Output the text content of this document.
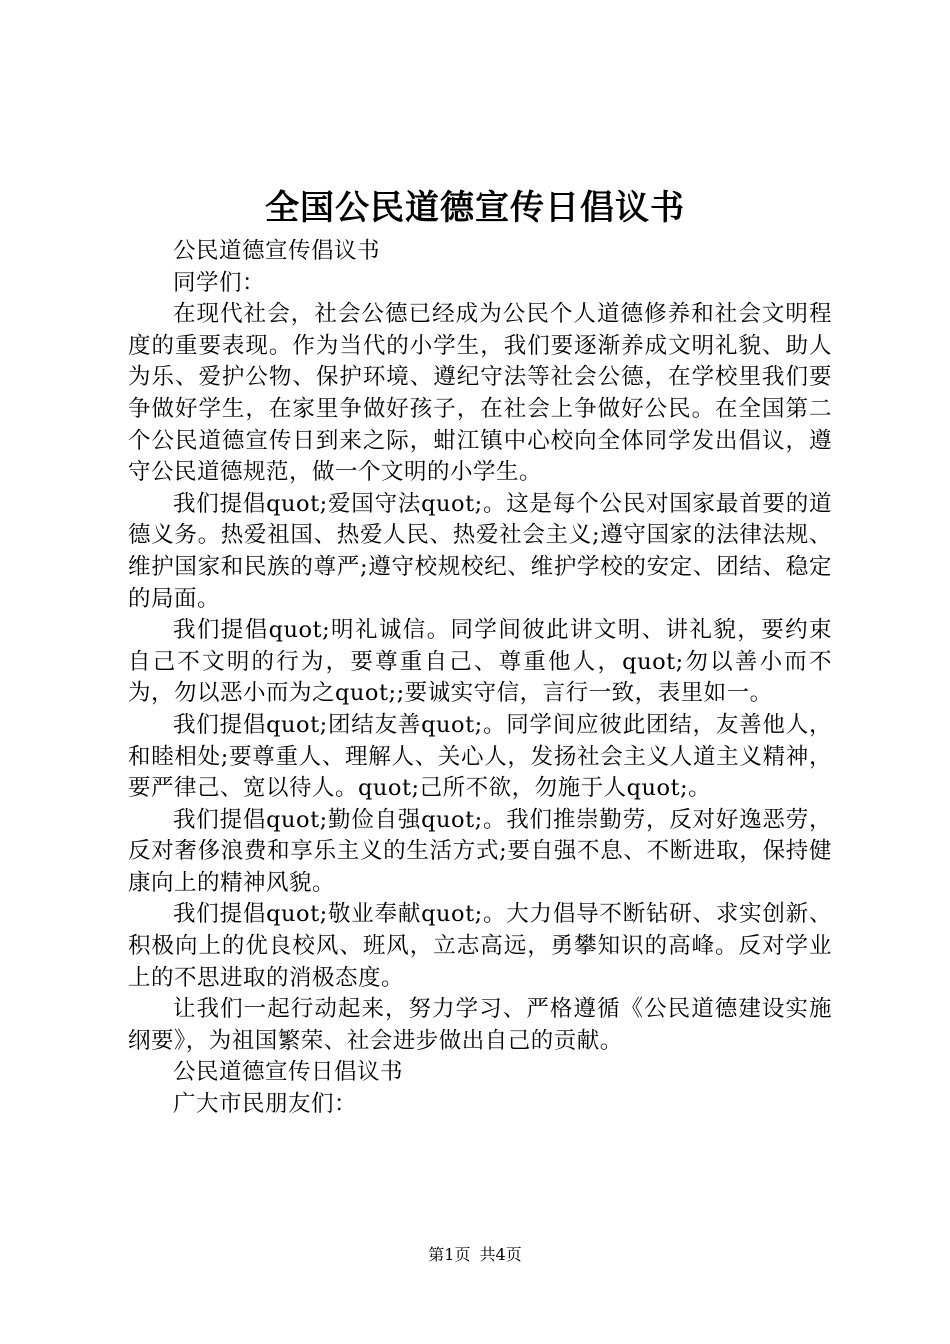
全国公民道德宣传日倡议书

公民道德宣传倡议书

同学们：

在现代社会，社会公德已经成为公民个人道德修养和社会文明程度的重要表现。作为当代的小学生，我们要逐渐养成文明礼貌、助人为乐、爱护公物、保护环境、遵纪守法等社会公德，在学校里我们要争做好学生，在家里争做好孩子，在社会上争做好公民。在全国第二个公民道德宣传日到来之际，蚶江镇中心校向全体同学发出倡议，遵守公民道德规范，做一个文明的小学生。

我们提倡quot;爱国守法quot;。这是每个公民对国家最首要的道德义务。热爱祖国、热爱人民、热爱社会主义;遵守国家的法律法规、维护国家和民族的尊严;遵守校规校纪、维护学校的安定、团结、稳定的局面。

我们提倡quot;明礼诚信。同学间彼此讲文明、讲礼貌，要约束自己不文明的行为，要尊重自己、尊重他人，quot;勿以善小而不为，勿以恶小而为之quot;;要诚实守信，言行一致，表里如一。

我们提倡quot;团结友善quot;。同学间应彼此团结，友善他人，和睦相处;要尊重人、理解人、关心人，发扬社会主义人道主义精神，要严律己、宽以待人。quot;己所不欲，勿施于人quot;。

我们提倡quot;勤俭自强quot;。我们推崇勤劳，反对好逸恶劳，反对奢侈浪费和享乐主义的生活方式;要自强不息、不断进取，保持健康向上的精神风貌。

我们提倡quot;敬业奉献quot;。大力倡导不断钻研、求实创新、积极向上的优良校风、班风，立志高远，勇攀知识的高峰。反对学业上的不思进取的消极态度。

让我们一起行动起来，努力学习、严格遵循《公民道德建设实施纲要》，为祖国繁荣、社会进步做出自己的贡献。

公民道德宣传日倡议书

广大市民朋友们：

第1页 共4页
